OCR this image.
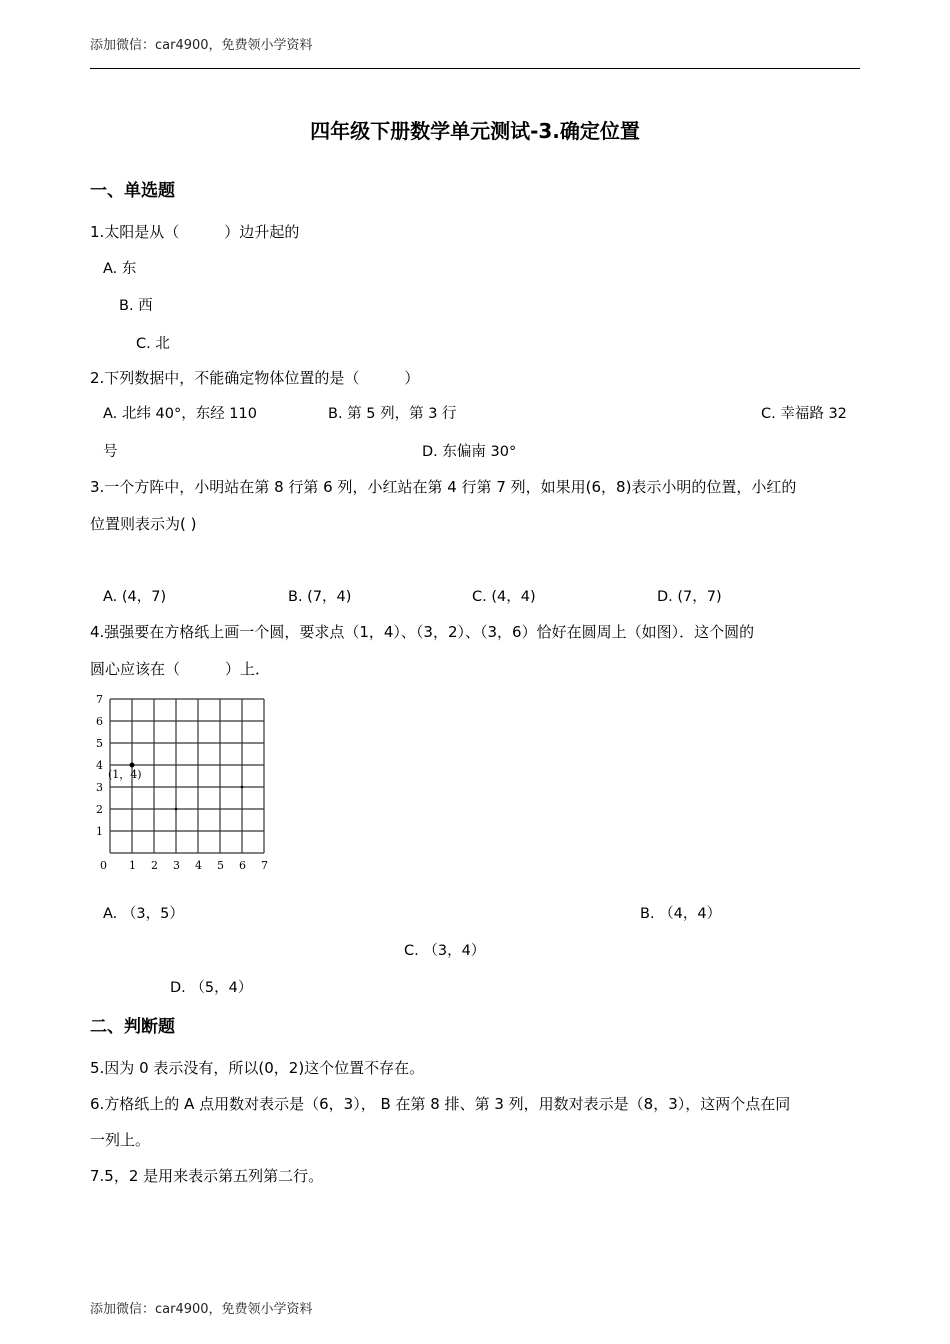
添加微信：car4900，免费领小学资料
四年级下册数学单元测试-3.确定位置
一、单选题
1.太阳是从（　　　）边升起的
A. 东
B. 西
C. 北
2.下列数据中，不能确定物体位置的是（　　　）
A. 北纬 40°，东经 110	B. 第 5 列，第 3 行	C. 幸福路 32
号	D. 东偏南 30°
3.一个方阵中，小明站在第 8 行第 6 列，小红站在第 4 行第 7 列，如果用(6，8)表示小明的位置，小红的
位置则表示为( )
A. (4，7)	B. (7，4)	C. (4，4)	D. (7，7)
4.强强要在方格纸上画一个圆，要求点（1，4）、（3，2）、（3，6）恰好在圆周上（如图）．这个圆的
圆心应该在（　　　）上．
1
2
3
4
5
6
7
0 1 2 3 4 5 6 7
(1，4)
A. （3，5）	B. （4，4）
C. （3，4）
D. （5，4）
二、判断题
5.因为 0 表示没有，所以(0，2)这个位置不存在。
6.方格纸上的 A 点用数对表示是（6，3）， B 在第 8 排、第 3 列，用数对表示是（8，3），这两个点在同
一列上。
7.5，2 是用来表示第五列第二行。
添加微信：car4900，免费领小学资料
